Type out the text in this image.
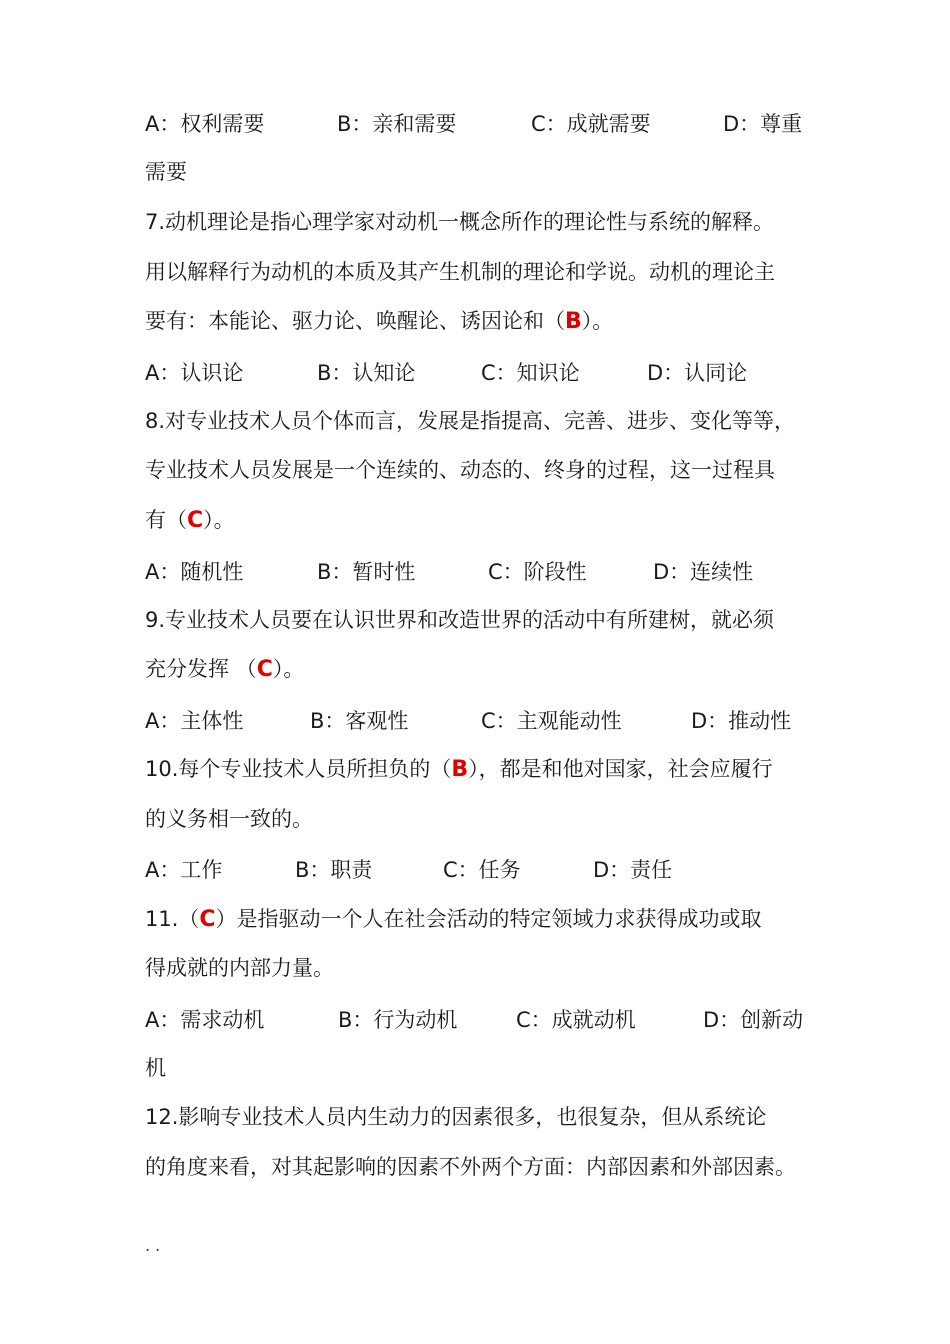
A：权利需要	B：亲和需要	C：成就需要	D：尊重
需要
7.动机理论是指心理学家对动机一概念所作的理论性与系统的解释。
用以解释行为动机的本质及其产生机制的理论和学说。动机的理论主
要有：本能论、驱力论、唤醒论、诱因论和（B）。
A：认识论	B：认知论	C：知识论	D：认同论
8.对专业技术人员个体而言，发展是指提高、完善、进步、变化等等，
专业技术人员发展是一个连续的、动态的、终身的过程，这一过程具
有（C）。
A：随机性	B：暂时性	C：阶段性	D：连续性
9.专业技术人员要在认识世界和改造世界的活动中有所建树，就必须
充分发挥 （C）。
A：主体性	B：客观性	C：主观能动性	D：推动性
10.每个专业技术人员所担负的（B），都是和他对国家，社会应履行
的义务相一致的。
A：工作	B：职责	C：任务	D：责任
11.（C）是指驱动一个人在社会活动的特定领域力求获得成功或取
得成就的内部力量。
A：需求动机	B：行为动机	C：成就动机	D：创新动
机
12.影响专业技术人员内生动力的因素很多，也很复杂，但从系统论
的角度来看，对其起影响的因素不外两个方面：内部因素和外部因素。
. .
